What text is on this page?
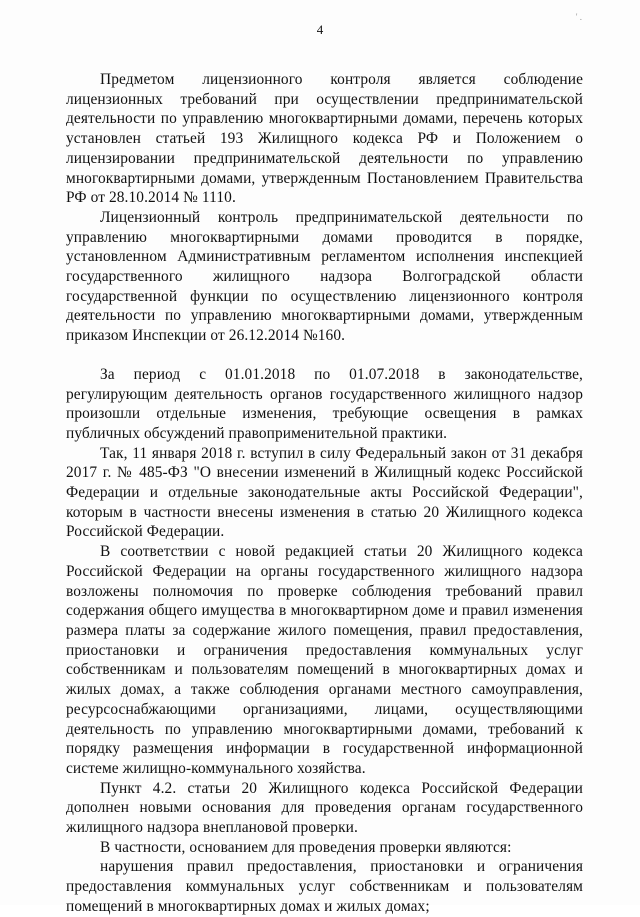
4
' .

Предметом лицензионного контроля является соблюдение лицензионных требований при осуществлении предпринимательской деятельности по управлению многоквартирными домами, перечень которых установлен статьей 193 Жилищного кодекса РФ и Положением о лицензировании предпринимательской деятельности по управлению многоквартирными домами, утвержденным Постановлением Правительства РФ от 28.10.2014 № 1110.

Лицензионный контроль предпринимательской деятельности по управлению многоквартирными домами проводится в порядке, установленном Административным регламентом исполнения инспекцией государственного жилищного надзора Волгоградской области государственной функции по осуществлению лицензионного контроля деятельности по управлению многоквартирными домами, утвержденным приказом Инспекции от 26.12.2014 №160.

За период с 01.01.2018 по 01.07.2018 в законодательстве, регулирующим деятельность органов государственного жилищного надзор произошли отдельные изменения, требующие освещения в рамках публичных обсуждений правоприменительной практики.

Так, 11 января 2018 г. вступил в силу Федеральный закон от 31 декабря 2017 г. № 485-ФЗ "О внесении изменений в Жилищный кодекс Российской Федерации и отдельные законодательные акты Российской Федерации", которым в частности внесены изменения в статью 20 Жилищного кодекса Российской Федерации.

В соответствии с новой редакцией статьи 20 Жилищного кодекса Российской Федерации на органы государственного жилищного надзора возложены полномочия по проверке соблюдения требований правил содержания общего имущества в многоквартирном доме и правил изменения размера платы за содержание жилого помещения, правил предоставления, приостановки и ограничения предоставления коммунальных услуг собственникам и пользователям помещений в многоквартирных домах и жилых домах, а также соблюдения органами местного самоуправления, ресурсоснабжающими организациями, лицами, осуществляющими деятельность по управлению многоквартирными домами, требований к порядку размещения информации в государственной информационной системе жилищно-коммунального хозяйства.

Пункт 4.2. статьи 20 Жилищного кодекса Российской Федерации дополнен новыми основания для проведения органам государственного жилищного надзора внеплановой проверки.

В частности, основанием для проведения проверки являются:

нарушения правил предоставления, приостановки и ограничения предоставления коммунальных услуг собственникам и пользователям помещений в многоквартирных домах и жилых домах;
